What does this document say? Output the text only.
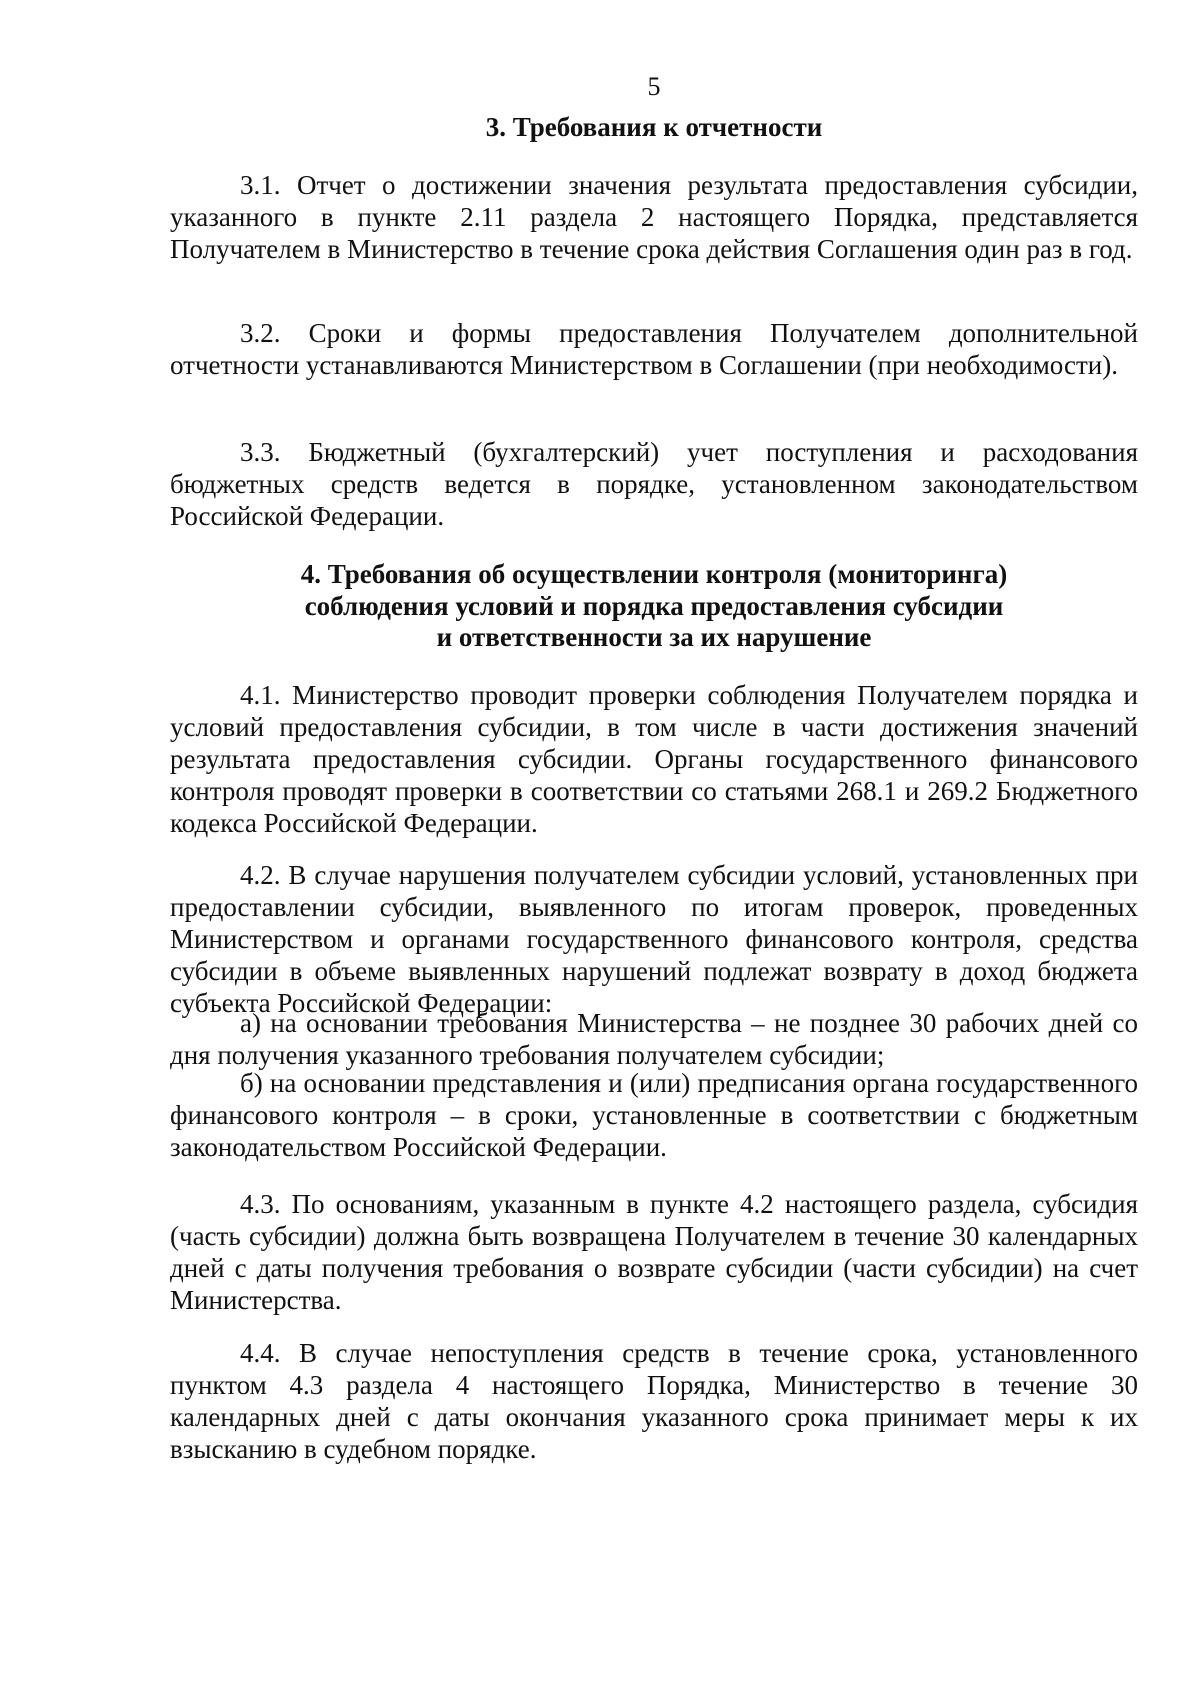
5
3. Требования к отчетности
3.1. Отчет о достижении значения результата предоставления субсидии, указанного в пункте 2.11 раздела 2 настоящего Порядка, представляется Получателем в Министерство в течение срока действия Соглашения один раз в год.
3.2. Сроки и формы предоставления Получателем дополнительной отчетности устанавливаются Министерством в Соглашении (при необходимости).
3.3. Бюджетный (бухгалтерский) учет поступления и расходования бюджетных средств ведется в порядке, установленном законодательством Российской Федерации.
4. Требования об осуществлении контроля (мониторинга)
соблюдения условий и порядка предоставления субсидии
и ответственности за их нарушение
4.1. Министерство проводит проверки соблюдения Получателем порядка и условий предоставления субсидии, в том числе в части достижения значений результата предоставления субсидии. Органы государственного финансового контроля проводят проверки в соответствии со статьями 268.1 и 269.2 Бюджетного кодекса Российской Федерации.
4.2. В случае нарушения получателем субсидии условий, установленных при предоставлении субсидии, выявленного по итогам проверок, проведенных Министерством и органами государственного финансового контроля, средства субсидии в объеме выявленных нарушений подлежат возврату в доход бюджета субъекта Российской Федерации:
а) на основании требования Министерства – не позднее 30 рабочих дней со дня получения указанного требования получателем субсидии;
б) на основании представления и (или) предписания органа государственного финансового контроля – в сроки, установленные в соответствии с бюджетным законодательством Российской Федерации.
4.3. По основаниям, указанным в пункте 4.2 настоящего раздела, субсидия (часть субсидии) должна быть возвращена Получателем в течение 30 календарных дней с даты получения требования о возврате субсидии (части субсидии) на счет Министерства.
4.4. В случае непоступления средств в течение срока, установленного пунктом 4.3 раздела 4 настоящего Порядка, Министерство в течение 30 календарных дней с даты окончания указанного срока принимает меры к их взысканию в судебном порядке.
